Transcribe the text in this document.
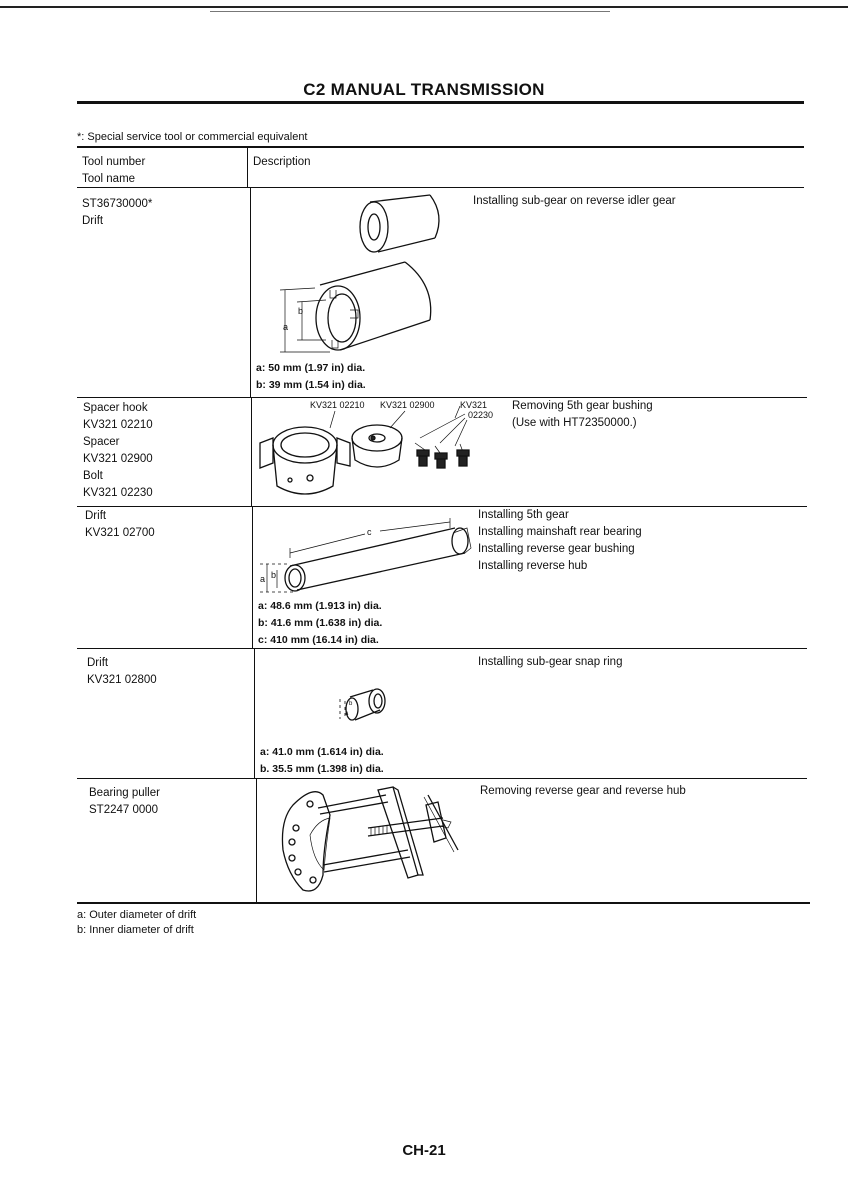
C2 MANUAL TRANSMISSION
*: Special service tool or commercial equivalent
Tool number
Tool name
Description
ST36730000*
Drift
Installing sub-gear on reverse idler gear
a: 50 mm (1.97 in) dia.
b: 39 mm (1.54 in) dia.
a
b
Spacer hook
KV321 02210
Spacer
KV321 02900
Bolt
KV321 02230
Removing 5th gear bushing
(Use with HT72350000.)
KV321 02210 KV321 02900	KV321
02230
Drift
KV321 02700
Installing 5th gear
Installing mainshaft rear bearing
Installing reverse gear bushing
Installing reverse hub
a: 48.6 mm (1.913 in) dia.
b: 41.6 mm (1.638 in) dia.
c: 410 mm (16.14 in) dia.
c
a b
Drift
KV321 02800
Installing sub-gear snap ring
a: 41.0 mm (1.614 in) dia.
b. 35.5 mm (1.398 in) dia.
a
b
Bearing puller
ST2247 0000
Removing reverse gear and reverse hub
a: Outer diameter of drift
b: Inner diameter of drift
CH-21
